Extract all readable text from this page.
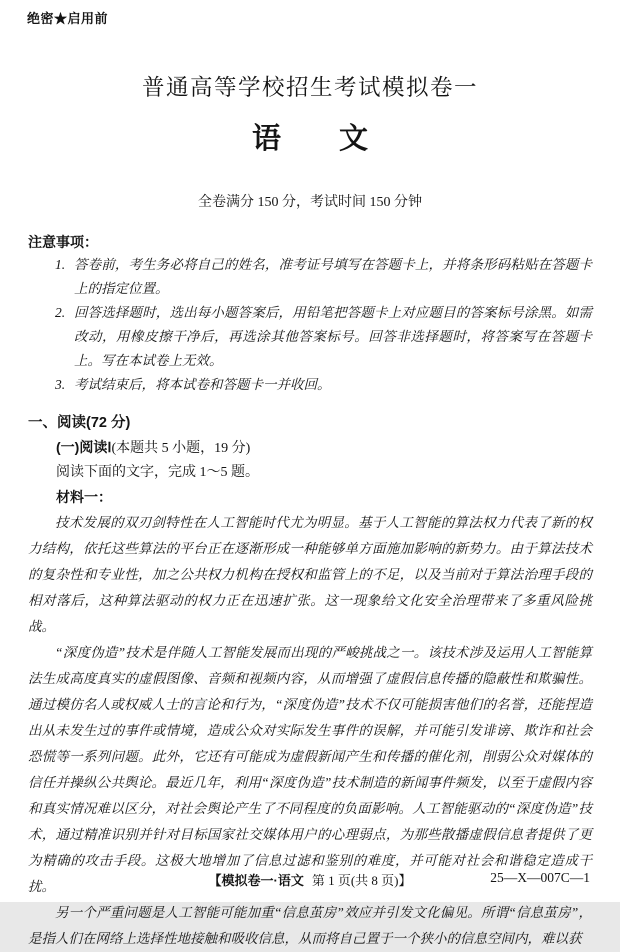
绝密★启用前
普通高等学校招生考试模拟卷一
语　　文
全卷满分 150 分，考试时间 150 分钟
注意事项：
1. 答卷前，考生务必将自己的姓名，准考证号填写在答题卡上，并将条形码粘贴在答题卡上的指定位置。
2. 回答选择题时，选出每小题答案后，用铅笔把答题卡上对应题目的答案标号涂黑。如需改动，用橡皮擦干净后，再选涂其他答案标号。回答非选择题时，将答案写在答题卡上。写在本试卷上无效。
3. 考试结束后，将本试卷和答题卡一并收回。
一、阅读(72 分)
(一)阅读Ⅰ(本题共 5 小题，19 分)
阅读下面的文字，完成 1～5 题。
材料一：

技术发展的双刃剑特性在人工智能时代尤为明显。基于人工智能的算法权力代表了新的权力结构，依托这些算法的平台正在逐渐形成一种能够单方面施加影响的新势力。由于算法技术的复杂性和专业性，加之公共权力机构在授权和监管上的不足，以及当前对于算法治理手段的相对落后，这种算法驱动的权力正在迅速扩张。这一现象给文化安全治理带来了多重风险挑战。

“深度伪造”技术是伴随人工智能发展而出现的严峻挑战之一。该技术涉及运用人工智能算法生成高度真实的虚假图像、音频和视频内容，从而增强了虚假信息传播的隐蔽性和欺骗性。通过模仿名人或权威人士的言论和行为，“深度伪造”技术不仅可能损害他们的名誉，还能捏造出从未发生过的事件或情境，造成公众对实际发生事件的误解，并可能引发诽谤、欺诈和社会恐慌等一系列问题。此外，它还有可能成为虚假新闻产生和传播的催化剂，削弱公众对媒体的信任并操纵公共舆论。最近几年，利用“深度伪造”技术制造的新闻事件频发，以至于虚假内容和真实情况难以区分，对社会舆论产生了不同程度的负面影响。人工智能驱动的“深度伪造”技术，通过精准识别并针对目标国家社交媒体用户的心理弱点，为那些散播虚假信息者提供了更为精确的攻击手段。这极大地增加了信息过滤和鉴别的难度，并可能对社会和谐稳定造成干扰。

另一个严重问题是人工智能可能加重“信息茧房”效应并引发文化偏见。所谓“信息茧房”，是指人们在网络上选择性地接触和吸收信息，从而将自己置于一个狭小的信息空间内，难以获

【模拟卷一·语文 第 1 页(共 8 页)】	25—X—007C—1
